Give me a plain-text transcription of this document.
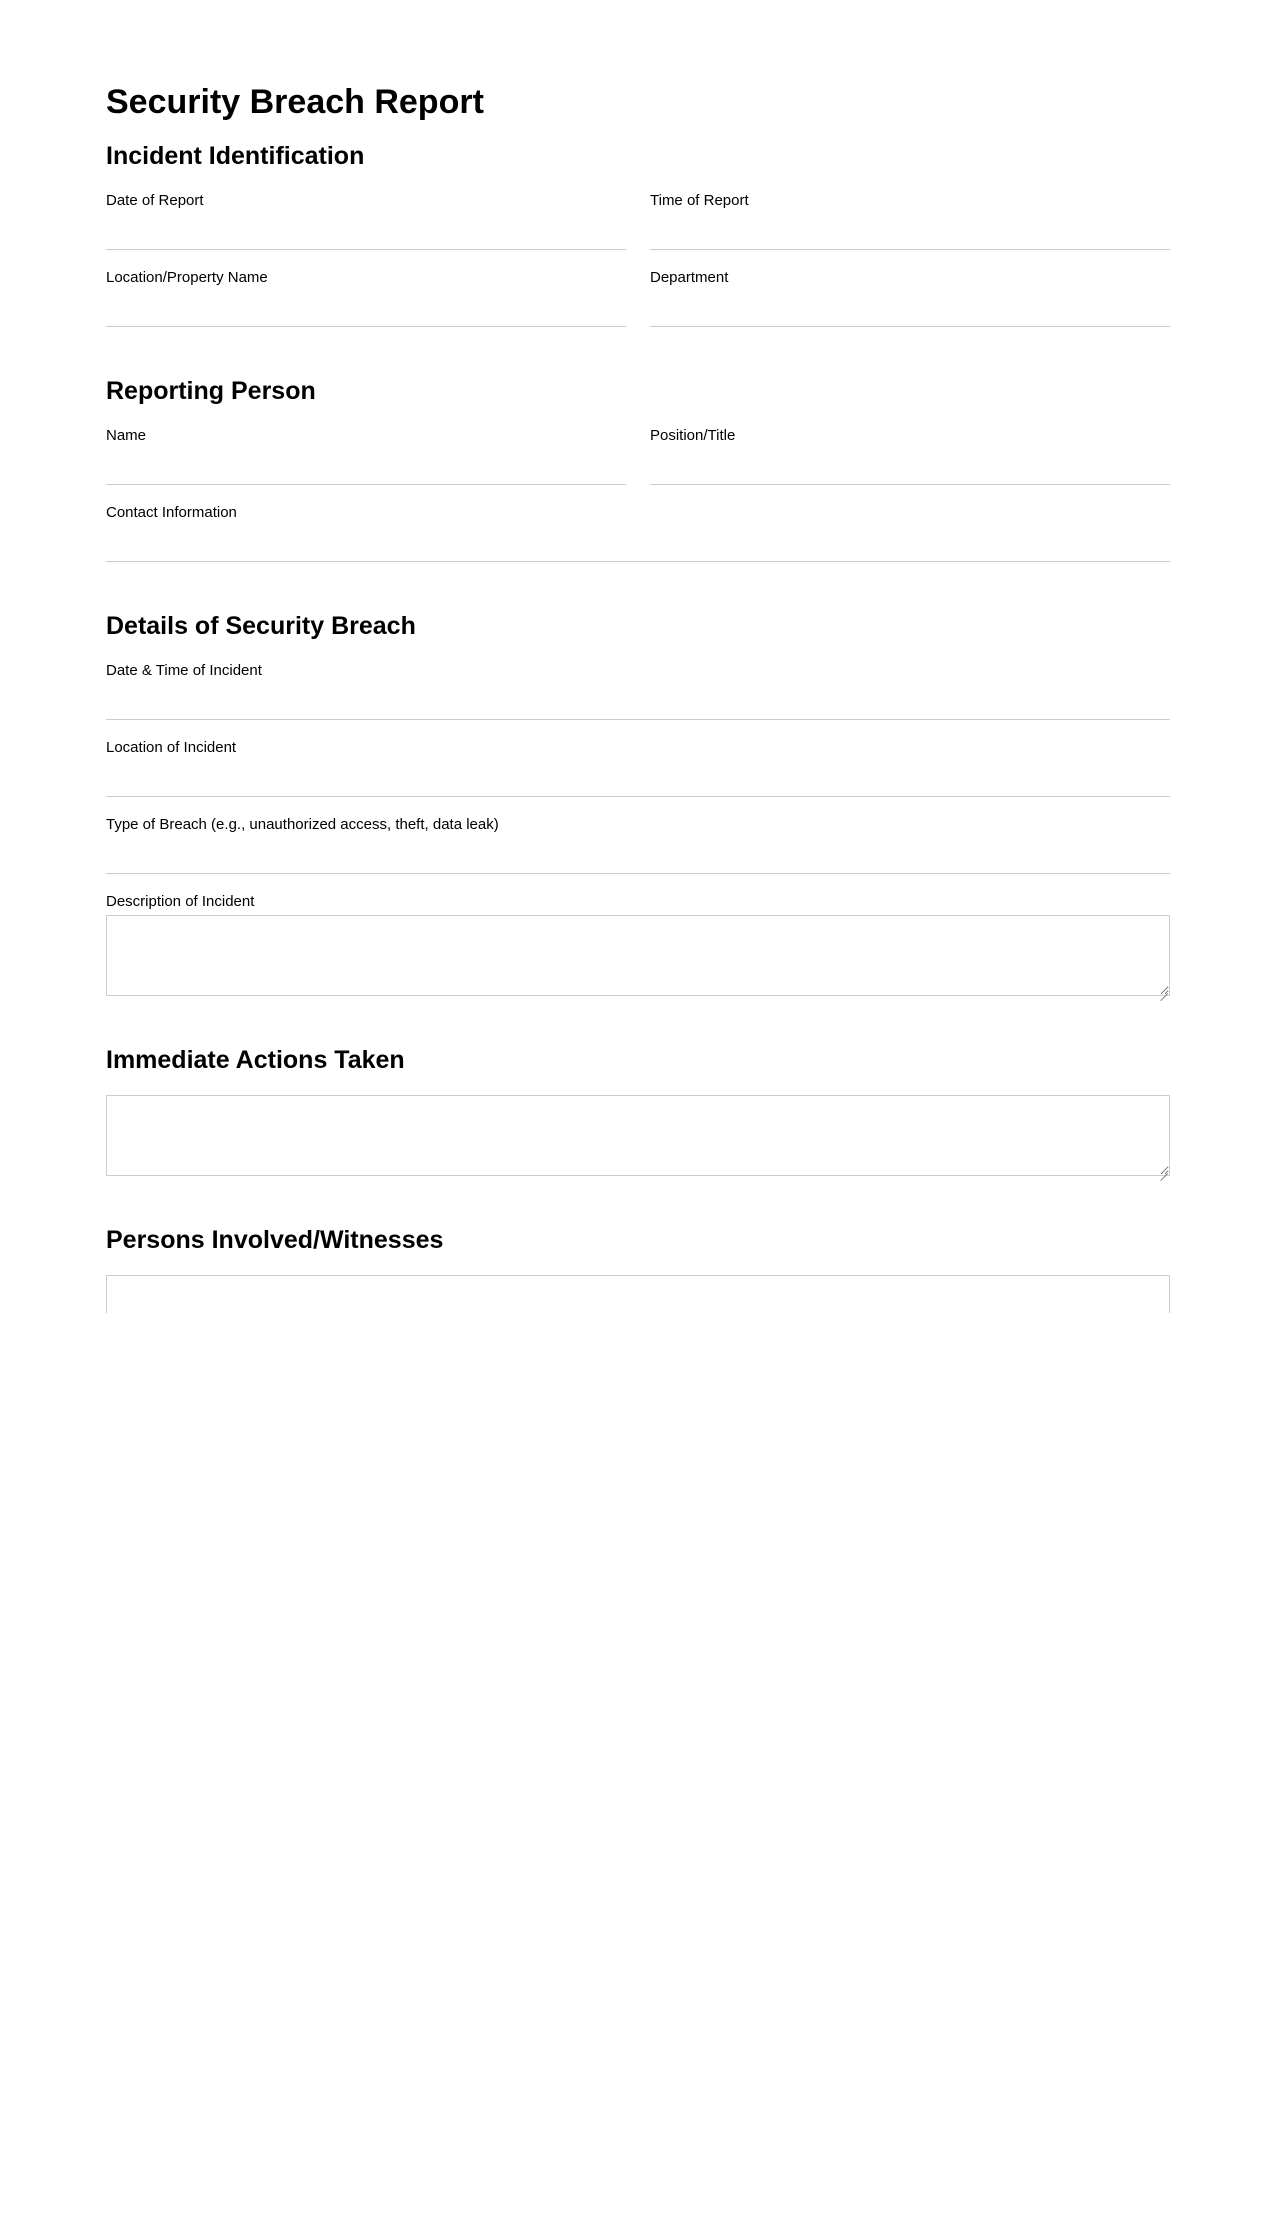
Security Breach Report
Incident Identification
Date of Report	Time of Report
Location/Property Name	Department
Reporting Person
Name	Position/Title
Contact Information
Details of Security Breach
Date & Time of Incident
Location of Incident
Type of Breach (e.g., unauthorized access, theft, data leak)
Description of Incident
Immediate Actions Taken
Persons Involved/Witnesses
